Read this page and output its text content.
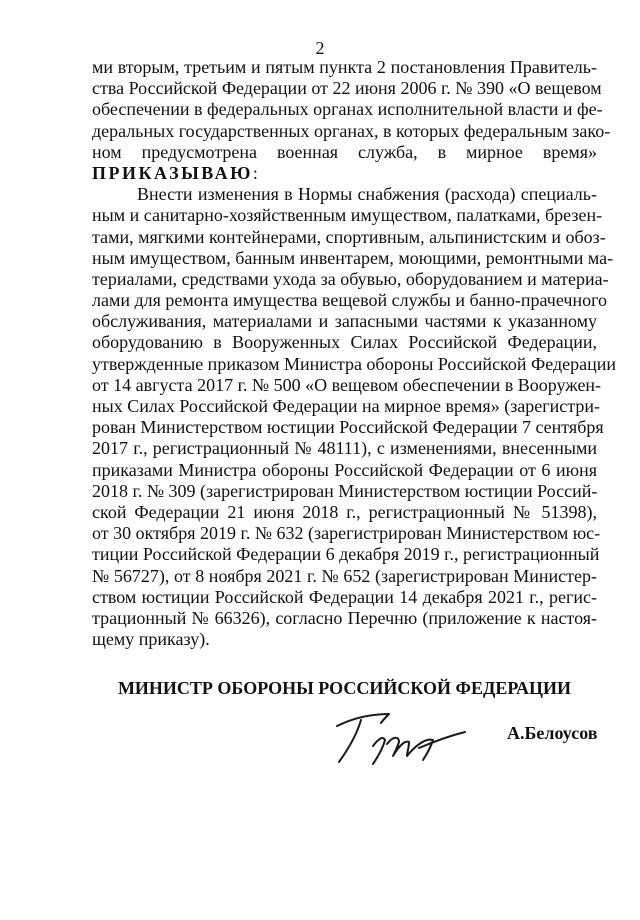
2
ми вторым, третьим и пятым пункта 2 постановления Правитель-
ства Российской Федерации от 22 июня 2006 г. № 390 «О вещевом
обеспечении в федеральных органах исполнительной власти и фе-
деральных государственных органах, в которых федеральным зако-
ном предусмотрена военная служба, в мирное время»
ПРИКАЗЫВАЮ:
Внести изменения в Нормы снабжения (расхода) специаль-
ным и санитарно-хозяйственным имуществом, палатками, брезен-
тами, мягкими контейнерами, спортивным, альпинистским и обоз-
ным имуществом, банным инвентарем, моющими, ремонтными ма-
териалами, средствами ухода за обувью, оборудованием и материа-
лами для ремонта имущества вещевой службы и банно-прачечного
обслуживания, материалами и запасными частями к указанному
оборудованию в Вооруженных Силах Российской Федерации,
утвержденные приказом Министра обороны Российской Федерации
от 14 августа 2017 г. № 500 «О вещевом обеспечении в Вооружен-
ных Силах Российской Федерации на мирное время» (зарегистри-
рован Министерством юстиции Российской Федерации 7 сентября
2017 г., регистрационный № 48111), с изменениями, внесенными
приказами Министра обороны Российской Федерации от 6 июня
2018 г. № 309 (зарегистрирован Министерством юстиции Россий-
ской Федерации 21 июня 2018 г., регистрационный № 51398),
от 30 октября 2019 г. № 632 (зарегистрирован Министерством юс-
тиции Российской Федерации 6 декабря 2019 г., регистрационный
№ 56727), от 8 ноября 2021 г. № 652 (зарегистрирован Министер-
ством юстиции Российской Федерации 14 декабря 2021 г., регис-
трационный № 66326), согласно Перечню (приложение к настоя-
щему приказу).
МИНИСТР ОБОРОНЫ РОССИЙСКОЙ ФЕДЕРАЦИИ
А.Белоусов
